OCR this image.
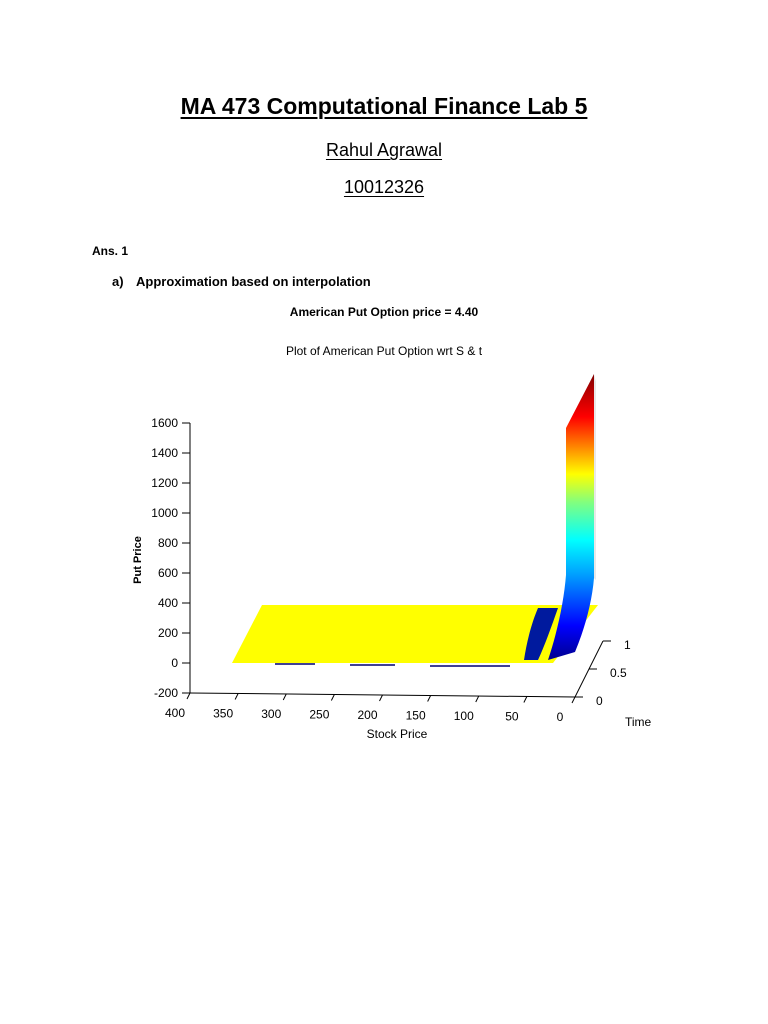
MA 473 Computational Finance Lab 5
Rahul Agrawal
10012326
Ans. 1
a) Approximation based on interpolation
American Put Option price = 4.40
Plot of American Put Option wrt S & t
-200
0
200
400
600
800
1000
1200
1400
1600
Put Price
400 350 300 250 200 150 100	50	0
Stock Price
0
0.5
1
Time
